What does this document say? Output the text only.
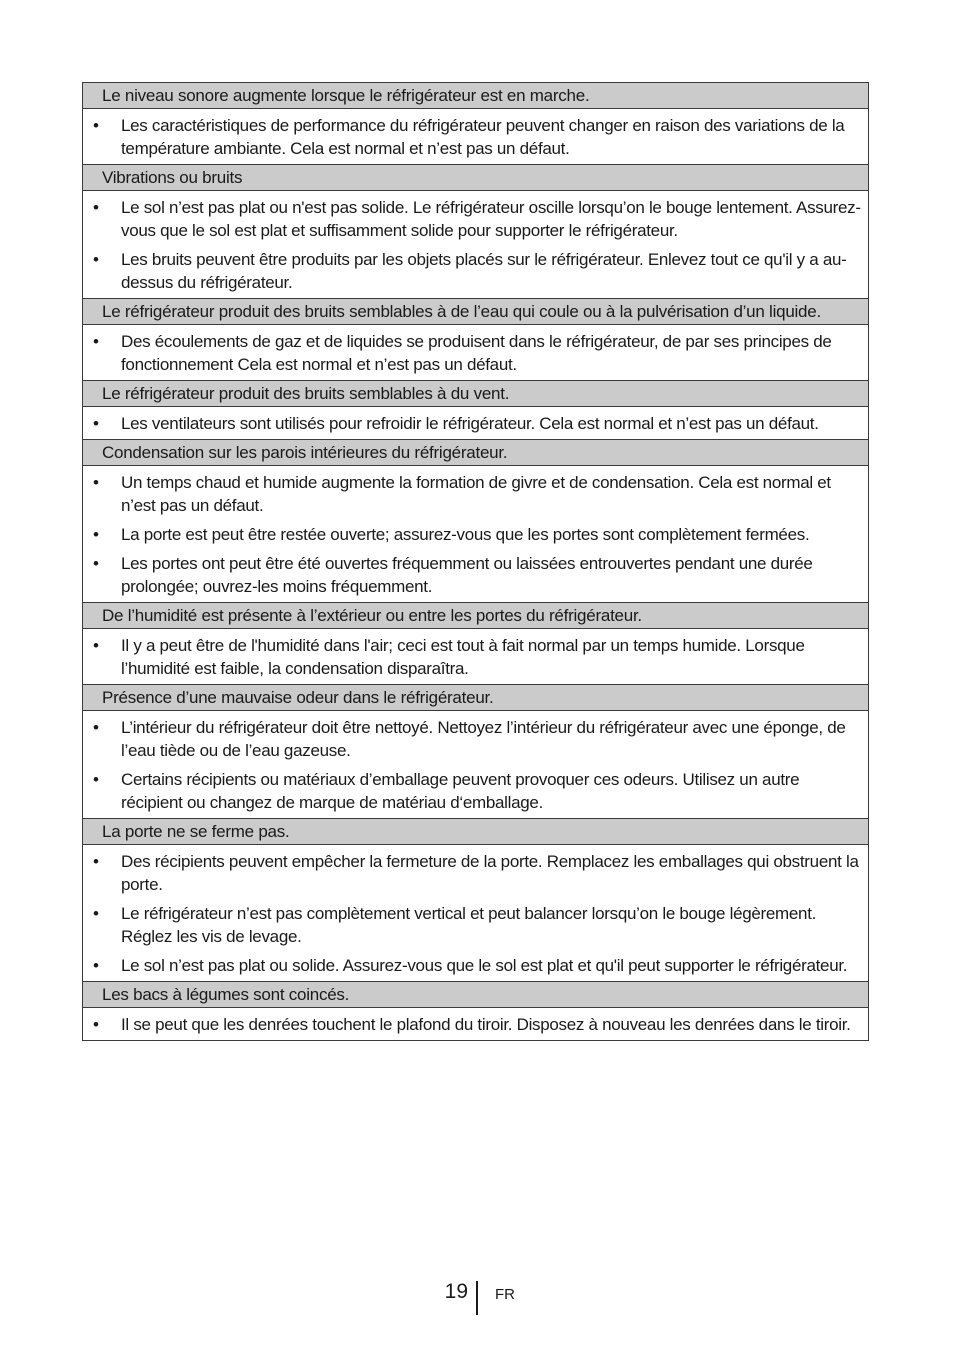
Le niveau sonore augmente lorsque le réfrigérateur est en marche.
• Les caractéristiques de performance du réfrigérateur peuvent changer en raison des variations de la température ambiante. Cela est normal et n’est pas un défaut.
Vibrations ou bruits
• Le sol n’est pas plat ou n'est pas solide. Le réfrigérateur oscille lorsqu’on le bouge lentement. Assurez-vous que le sol est plat et suffisamment solide pour supporter le réfrigérateur.
• Les bruits peuvent être produits par les objets placés sur le réfrigérateur. Enlevez tout ce qu'il y a au-dessus du réfrigérateur.
Le réfrigérateur produit des bruits semblables à de l’eau qui coule ou à la pulvérisation d’un liquide.
• Des écoulements de gaz et de liquides se produisent dans le réfrigérateur, de par ses principes de fonctionnement Cela est normal et n’est pas un défaut.
Le réfrigérateur produit des bruits semblables à du vent.
• Les ventilateurs sont utilisés pour refroidir le réfrigérateur. Cela est normal et n’est pas un défaut.
Condensation sur les parois intérieures du réfrigérateur.
• Un temps chaud et humide augmente la formation de givre et de condensation. Cela est normal et n’est pas un défaut.
• La porte est peut être restée ouverte; assurez-vous que les portes sont complètement fermées.
• Les portes ont peut être été ouvertes fréquemment ou laissées entrouvertes pendant une durée prolongée; ouvrez-les moins fréquemment.
De l’humidité est présente à l’extérieur ou entre les portes du réfrigérateur.
• Il y a peut être de l'humidité dans l'air; ceci est tout à fait normal par un temps humide. Lorsque l’humidité est faible, la condensation disparaîtra.
Présence d’une mauvaise odeur dans le réfrigérateur.
• L’intérieur du réfrigérateur doit être nettoyé. Nettoyez l’intérieur du réfrigérateur avec une éponge, de l’eau tiède ou de l’eau gazeuse.
• Certains récipients ou matériaux d’emballage peuvent provoquer ces odeurs. Utilisez un autre récipient ou changez de marque de matériau d‘emballage.
La porte ne se ferme pas.
• Des récipients peuvent empêcher la fermeture de la porte. Remplacez les emballages qui obstruent la porte.
• Le réfrigérateur n’est pas complètement vertical et peut balancer lorsqu’on le bouge légèrement. Réglez les vis de levage.
• Le sol n’est pas plat ou solide. Assurez-vous que le sol est plat et qu'il peut supporter le réfrigérateur.
Les bacs à légumes sont coincés.
• Il se peut que les denrées touchent le plafond du tiroir. Disposez à nouveau les denrées dans le tiroir.
19 FR
